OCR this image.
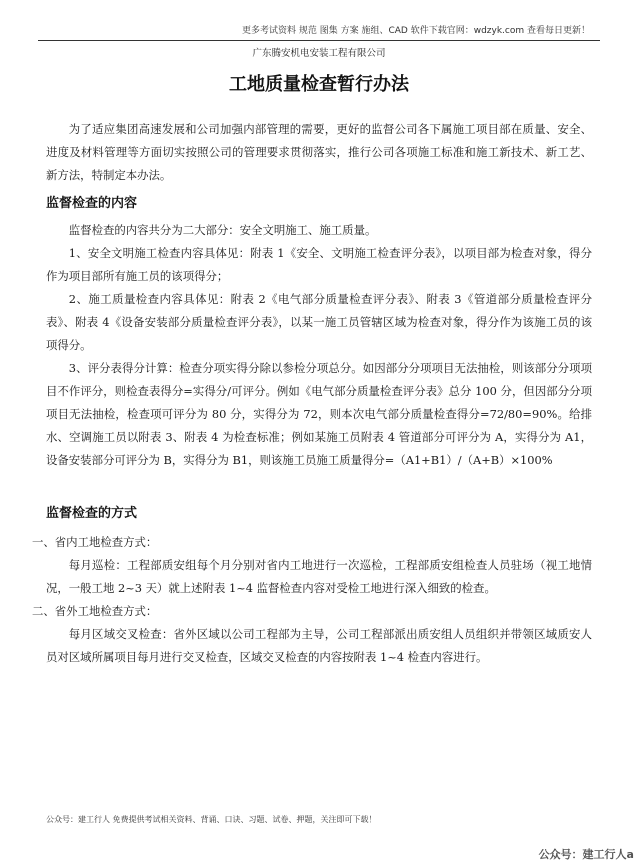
更多考试资料 规范 图集 方案 施组、CAD 软件下载官网：wdzyk.com 查看每日更新！
广东腾安机电安装工程有限公司
工地质量检查暂行办法

为了适应集团高速发展和公司加强内部管理的需要，更好的监督公司各下属施工项目部在质量、安全、进度及材料管理等方面切实按照公司的管理要求贯彻落实，推行公司各项施工标准和施工新技术、新工艺、新方法，特制定本办法。

监督检查的内容

监督检查的内容共分为二大部分：安全文明施工、施工质量。

1、安全文明施工检查内容具体见：附表 1《安全、文明施工检查评分表》，以项目部为检查对象，得分作为项目部所有施工员的该项得分；

2、施工质量检查内容具体见：附表 2《电气部分质量检查评分表》、附表 3《管道部分质量检查评分表》、附表 4《设备安装部分质量检查评分表》，以某一施工员管辖区域为检查对象，得分作为该施工员的该项得分。

3、评分表得分计算：检查分项实得分除以参检分项总分。如因部分分项项目无法抽检，则该部分分项项目不作评分，则检查表得分=实得分/可评分。例如《电气部分质量检查评分表》总分 100 分，但因部分分项项目无法抽检，检查项可评分为 80 分，实得分为 72，则本次电气部分质量检查得分=72/80=90%。给排水、空调施工员以附表 3、附表 4 为检查标准；例如某施工员附表 4 管道部分可评分为 A，实得分为 A1，设备安装部分可评分为 B，实得分为 B1，则该施工员施工质量得分=（A1+B1）/（A+B）×100%

监督检查的方式

一、省内工地检查方式：

每月巡检：工程部质安组每个月分别对省内工地进行一次巡检，工程部质安组检查人员驻场（视工地情况，一般工地 2~3 天）就上述附表 1~4 监督检查内容对受检工地进行深入细致的检查。

二、省外工地检查方式：

每月区域交叉检查：省外区域以公司工程部为主导，公司工程部派出质安组人员组织并带领区域质安人员对区域所属项目每月进行交叉检查，区域交叉检查的内容按附表 1~4 检查内容进行。

公众号：建工行人 免费提供考试相关资料、背诵、口诀、习题、试卷、押题，关注即可下载！
公众号：建工行人a
